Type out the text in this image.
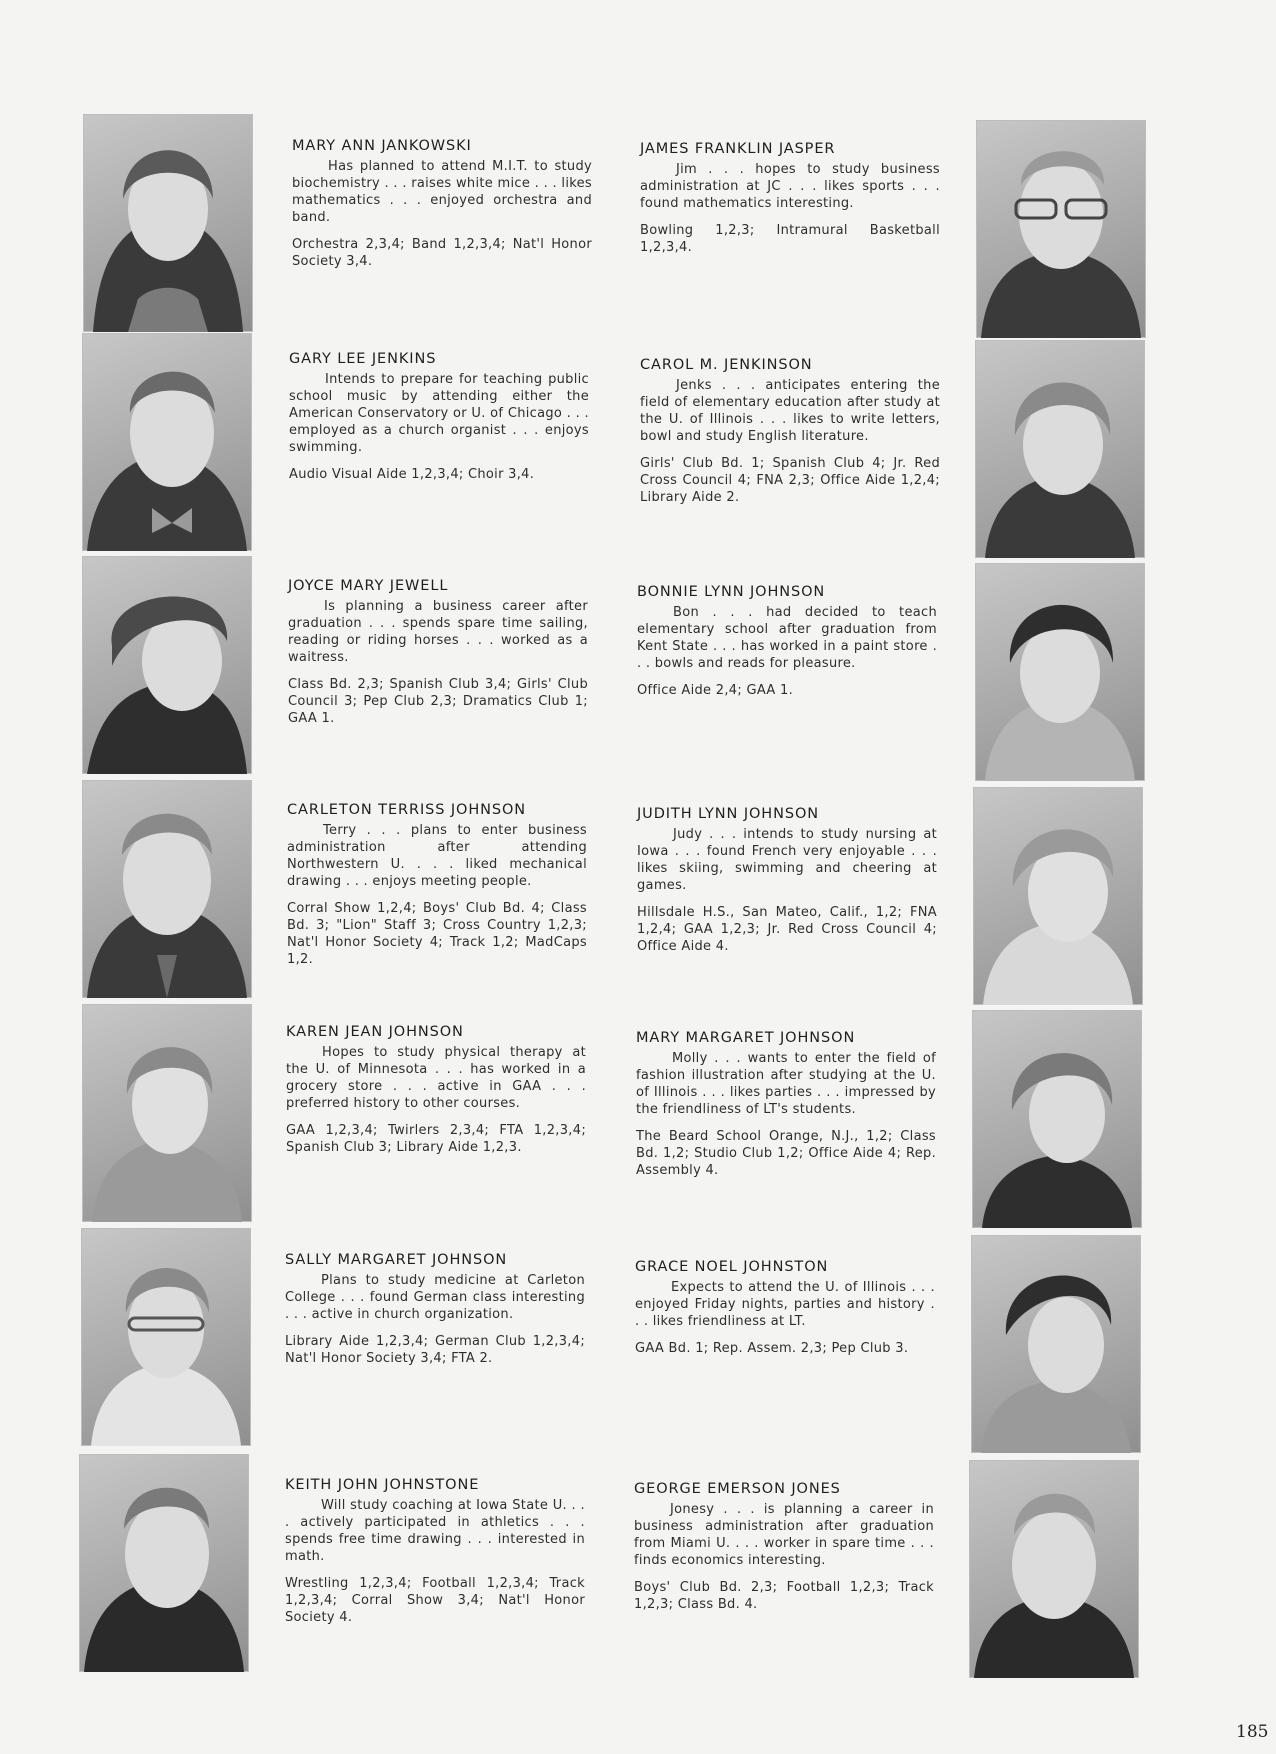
MARY ANN JANKOWSKI

Has planned to attend M.I.T. to study biochemistry . . . raises white mice . . . likes mathematics . . . enjoyed orchestra and band.

Orchestra 2,3,4; Band 1,2,3,4; Nat'l Honor Society 3,4.

GARY LEE JENKINS

Intends to prepare for teaching public school music by attending either the American Conservatory or U. of Chicago . . . employed as a church organist . . . enjoys swimming.

Audio Visual Aide 1,2,3,4; Choir 3,4.

JOYCE MARY JEWELL

Is planning a business career after graduation . . . spends spare time sailing, reading or riding horses . . . worked as a waitress.

Class Bd. 2,3; Spanish Club 3,4; Girls' Club Council 3; Pep Club 2,3; Dramatics Club 1; GAA 1.

CARLETON TERRISS JOHNSON

Terry . . . plans to enter business administration after attending Northwestern U. . . . liked mechanical drawing . . . enjoys meeting people.

Corral Show 1,2,4; Boys' Club Bd. 4; Class Bd. 3; "Lion" Staff 3; Cross Country 1,2,3; Nat'l Honor Society 4; Track 1,2; MadCaps 1,2.

KAREN JEAN JOHNSON

Hopes to study physical therapy at the U. of Minnesota . . . has worked in a grocery store . . . active in GAA . . . preferred history to other courses.

GAA 1,2,3,4; Twirlers 2,3,4; FTA 1,2,3,4; Spanish Club 3; Library Aide 1,2,3.

SALLY MARGARET JOHNSON

Plans to study medicine at Carleton College . . . found German class interesting . . . active in church organization.

Library Aide 1,2,3,4; German Club 1,2,3,4; Nat'l Honor Society 3,4; FTA 2.

KEITH JOHN JOHNSTONE

Will study coaching at Iowa State U. . . . actively participated in athletics . . . spends free time drawing . . . interested in math.

Wrestling 1,2,3,4; Football 1,2,3,4; Track 1,2,3,4; Corral Show 3,4; Nat'l Honor Society 4.

JAMES FRANKLIN JASPER

Jim . . . hopes to study business administration at JC . . . likes sports . . . found mathematics interesting.

Bowling 1,2,3; Intramural Basketball 1,2,3,4.

CAROL M. JENKINSON

Jenks . . . anticipates entering the field of elementary education after study at the U. of Illinois . . . likes to write letters, bowl and study English literature.

Girls' Club Bd. 1; Spanish Club 4; Jr. Red Cross Council 4; FNA 2,3; Office Aide 1,2,4; Library Aide 2.

BONNIE LYNN JOHNSON

Bon . . . had decided to teach elementary school after graduation from Kent State . . . has worked in a paint store . . . bowls and reads for pleasure.

Office Aide 2,4; GAA 1.

JUDITH LYNN JOHNSON

Judy . . . intends to study nursing at Iowa . . . found French very enjoyable . . . likes skiing, swimming and cheering at games.

Hillsdale H.S., San Mateo, Calif., 1,2; FNA 1,2,4; GAA 1,2,3; Jr. Red Cross Council 4; Office Aide 4.

MARY MARGARET JOHNSON

Molly . . . wants to enter the field of fashion illustration after studying at the U. of Illinois . . . likes parties . . . impressed by the friendliness of LT's students.

The Beard School Orange, N.J., 1,2; Class Bd. 1,2; Studio Club 1,2; Office Aide 4; Rep. Assembly 4.

GRACE NOEL JOHNSTON

Expects to attend the U. of Illinois . . . enjoyed Friday nights, parties and history . . . likes friendliness at LT.

GAA Bd. 1; Rep. Assem. 2,3; Pep Club 3.

GEORGE EMERSON JONES

Jonesy . . . is planning a career in business administration after graduation from Miami U. . . . worker in spare time . . . finds economics interesting.

Boys' Club Bd. 2,3; Football 1,2,3; Track 1,2,3; Class Bd. 4.

185
